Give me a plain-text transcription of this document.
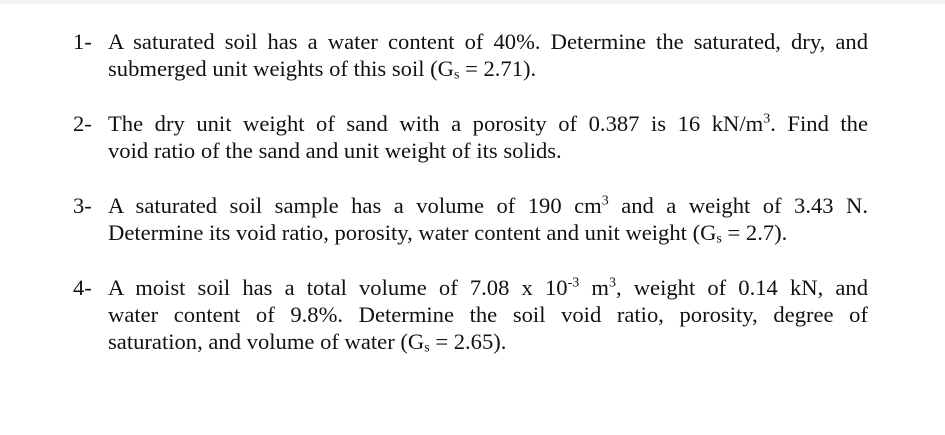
1- A saturated soil has a water content of 40%. Determine the saturated, dry, and
submerged unit weights of this soil $(G_s = 2.71)$.
2- The dry unit weight of sand with a porosity of 0.387 is 16 $kN/m^3$. Find the
void ratio of the sand and unit weight of its solids.
3- A saturated soil sample has a volume of 190 $cm^3$ and a weight of 3.43 N.
Determine its void ratio, porosity, water content and unit weight $(G_s = 2.7)$.
4- A moist soil has a total volume of 7.08 x $10^{-3}$ $m^3$, weight of 0.14 kN, and
water content of 9.8%. Determine the soil void ratio, porosity, degree of
saturation, and volume of water $(G_s = 2.65)$.
